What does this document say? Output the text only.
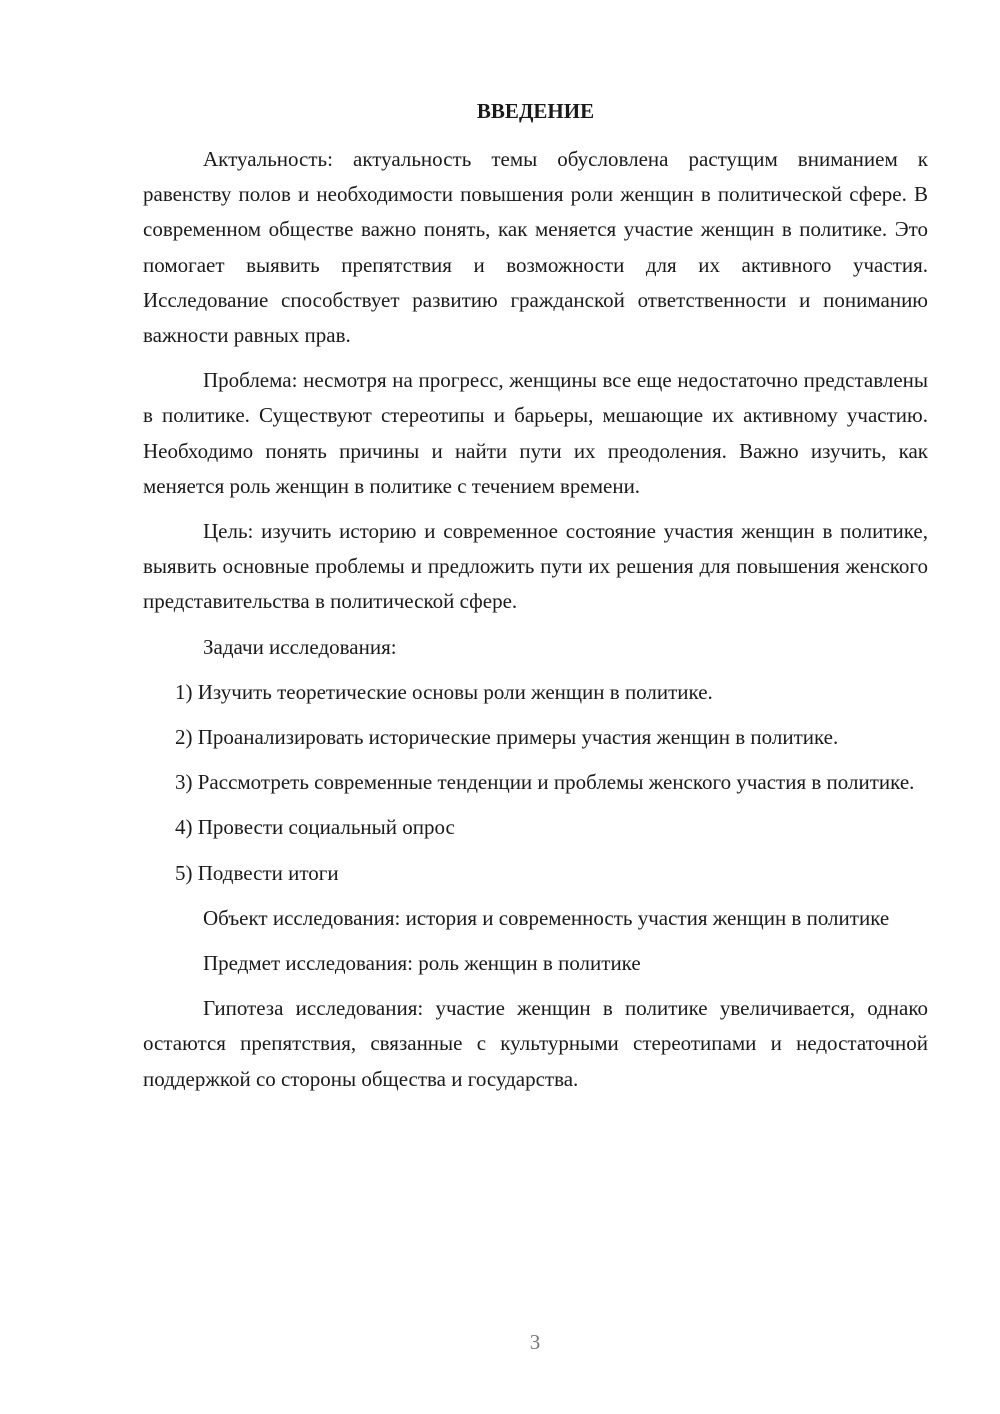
ВВЕДЕНИЕ

Актуальность: актуальность темы обусловлена растущим вниманием к равенству полов и необходимости повышения роли женщин в политической сфере. В современном обществе важно понять, как меняется участие женщин в политике. Это помогает выявить препятствия и возможности для их активного участия. Исследование способствует развитию гражданской ответственности и пониманию важности равных прав.

Проблема: несмотря на прогресс, женщины все еще недостаточно представлены в политике. Существуют стереотипы и барьеры, мешающие их активному участию. Необходимо понять причины и найти пути их преодоления. Важно изучить, как меняется роль женщин в политике с течением времени.

Цель: изучить историю и современное состояние участия женщин в политике, выявить основные проблемы и предложить пути их решения для повышения женского представительства в политической сфере.

Задачи исследования:

1) Изучить теоретические основы роли женщин в политике.

2) Проанализировать исторические примеры участия женщин в политике.

3) Рассмотреть современные тенденции и проблемы женского участия в политике.

4) Провести социальный опрос

5) Подвести итоги

Объект исследования: история и современность участия женщин в политике

Предмет исследования: роль женщин в политике

Гипотеза исследования: участие женщин в политике увеличивается, однако остаются препятствия, связанные с культурными стереотипами и недостаточной поддержкой со стороны общества и государства.

3
